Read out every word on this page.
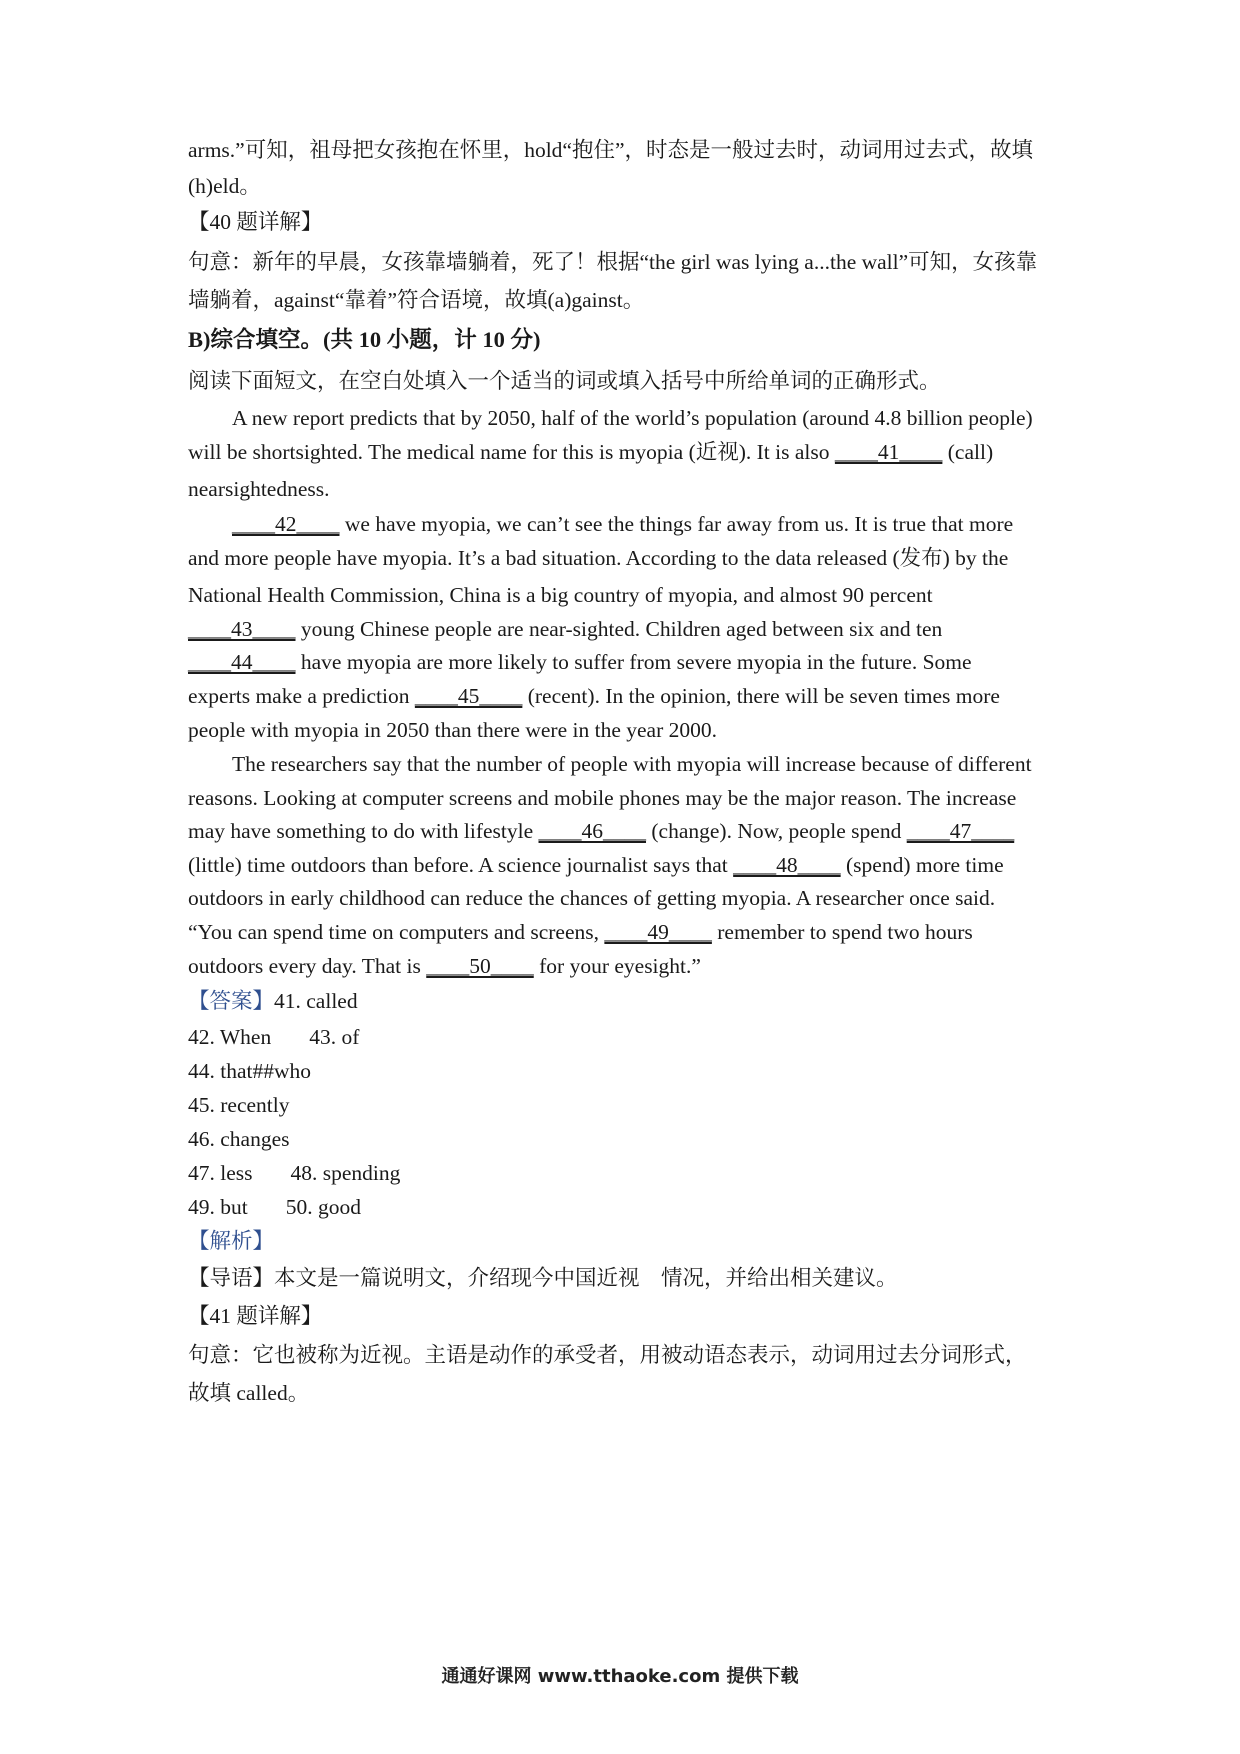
arms.”可知，祖母把女孩抱在怀里，hold“抱住”，时态是一般过去时，动词用过去式，故填
(h)eld。
【40 题详解】
句意：新年的早晨，女孩靠墙躺着，死了！根据“the girl was lying a...the wall”可知，女孩靠
墙躺着，against“靠着”符合语境，故填(a)gainst。
B)综合填空。(共 10 小题，计 10 分)
阅读下面短文，在空白处填入一个适当的词或填入括号中所给单词的正确形式。
A new report predicts that by 2050, half of the world’s population (around 4.8 billion people)
will be shortsighted. The medical name for this is myopia (近视). It is also ____41____ (call)
nearsightedness.
____42____ we have myopia, we can’t see the things far away from us. It is true that more
and more people have myopia. It’s a bad situation. According to the data released (发布) by the
National Health Commission, China is a big country of myopia, and almost 90 percent
____43____ young Chinese people are near-sighted. Children aged between six and ten
____44____ have myopia are more likely to suffer from severe myopia in the future. Some
experts make a prediction ____45____ (recent). In the opinion, there will be seven times more
people with myopia in 2050 than there were in the year 2000.
The researchers say that the number of people with myopia will increase because of different
reasons. Looking at computer screens and mobile phones may be the major reason. The increase
may have something to do with lifestyle ____46____ (change). Now, people spend ____47____
(little) time outdoors than before. A science journalist says that ____48____ (spend) more time
outdoors in early childhood can reduce the chances of getting myopia. A researcher once said.
“You can spend time on computers and screens, ____49____ remember to spend two hours
outdoors every day. That is ____50____ for your eyesight.”
【答案】41. called
42. When 43. of
44. that##who
45. recently
46. changes
47. less 48. spending
49. but 50. good
【解析】
【导语】本文是一篇说明文，介绍现今中国近视　情况，并给出相关建议。
【41 题详解】
句意：它也被称为近视。主语是动作的承受者，用被动语态表示，动词用过去分词形式，
故填 called。
通通好课网 www.tthaoke.com 提供下载
